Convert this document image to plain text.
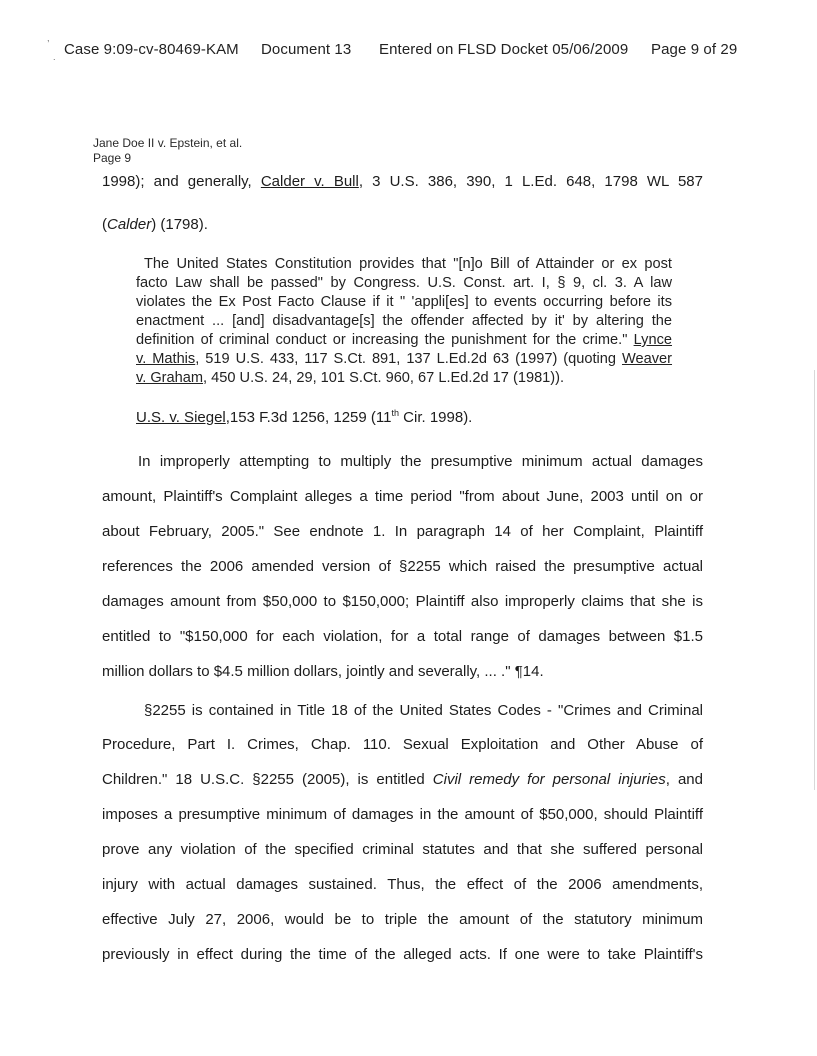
,
. Case 9:09-cv-80469-KAM Document 13 Entered on FLSD Docket 05/06/2009 Page 9 of 29
Jane Doe II v. Epstein, et al.
Page 9
1998); and generally, Calder v. Bull, 3 U.S. 386, 390, 1 L.Ed. 648, 1798 WL 587
(Calder) (1798).
The United States Constitution provides that "[n]o Bill of Attainder or ex post
facto Law shall be passed" by Congress. U.S. Const. art. I, § 9, cl. 3. A law
violates the Ex Post Facto Clause if it " 'appli[es] to events occurring before its
enactment ... [and] disadvantage[s] the offender affected by it' by altering the
definition of criminal conduct or increasing the punishment for the crime." Lynce
v. Mathis, 519 U.S. 433, 117 S.Ct. 891, 137 L.Ed.2d 63 (1997) (quoting Weaver
v. Graham, 450 U.S. 24, 29, 101 S.Ct. 960, 67 L.Ed.2d 17 (1981)).
U.S. v. Siegel,153 F.3d 1256, 1259 (11th Cir. 1998).
In improperly attempting to multiply the presumptive minimum actual damages
amount, Plaintiff's Complaint alleges a time period "from about June, 2003 until on or
about February, 2005." See endnote 1. In paragraph 14 of her Complaint, Plaintiff
references the 2006 amended version of §2255 which raised the presumptive actual
damages amount from $50,000 to $150,000; Plaintiff also improperly claims that she is
entitled to "$150,000 for each violation, for a total range of damages between $1.5
million dollars to $4.5 million dollars, jointly and severally, ... ." ¶14.
§2255 is contained in Title 18 of the United States Codes - "Crimes and Criminal
Procedure, Part I. Crimes, Chap. 110. Sexual Exploitation and Other Abuse of
Children." 18 U.S.C. §2255 (2005), is entitled Civil remedy for personal injuries, and
imposes a presumptive minimum of damages in the amount of $50,000, should Plaintiff
prove any violation of the specified criminal statutes and that she suffered personal
injury with actual damages sustained. Thus, the effect of the 2006 amendments,
effective July 27, 2006, would be to triple the amount of the statutory minimum
previously in effect during the time of the alleged acts. If one were to take Plaintiff's
